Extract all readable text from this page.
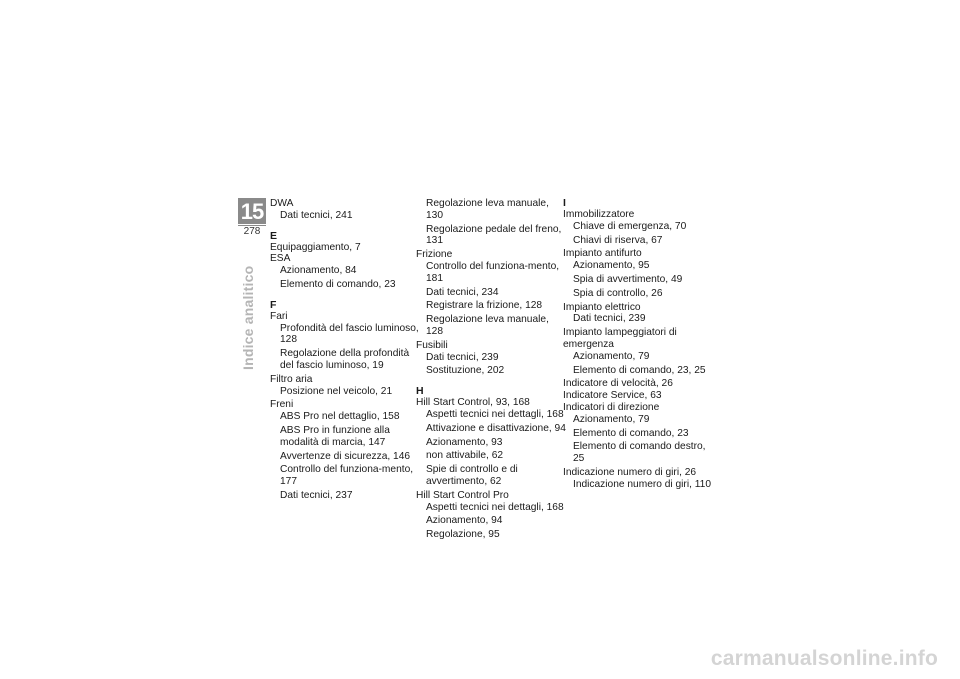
15
278
Indice analitico
DWA
Dati tecnici, 241
E
Equipaggiamento, 7
ESA
Azionamento, 84
Elemento di comando, 23
F
Fari
Profondità del fascio luminoso, 128
Regolazione della profondità del fascio luminoso, 19
Filtro aria
Posizione nel veicolo, 21
Freni
ABS Pro nel dettaglio, 158
ABS Pro in funzione alla modalità di marcia, 147
Avvertenze di sicurezza, 146
Controllo del funziona-mento, 177
Dati tecnici, 237
Regolazione leva manuale, 130
Regolazione pedale del freno, 131
Frizione
Controllo del funziona-mento, 181
Dati tecnici, 234
Registrare la frizione, 128
Regolazione leva manuale, 128
Fusibili
Dati tecnici, 239
Sostituzione, 202
H
Hill Start Control, 93, 168
Aspetti tecnici nei dettagli, 168
Attivazione e disattivazione, 94
Azionamento, 93
non attivabile, 62
Spie di controllo e di avvertimento, 62
Hill Start Control Pro
Aspetti tecnici nei dettagli, 168
Azionamento, 94
Regolazione, 95
I
Immobilizzatore
Chiave di emergenza, 70
Chiavi di riserva, 67
Impianto antifurto
Azionamento, 95
Spia di avvertimento, 49
Spia di controllo, 26
Impianto elettrico
Dati tecnici, 239
Impianto lampeggiatori di emergenza
Azionamento, 79
Elemento di comando, 23, 25
Indicatore di velocità, 26
Indicatore Service, 63
Indicatori di direzione
Azionamento, 79
Elemento di comando, 23
Elemento di comando destro, 25
Indicazione numero di giri, 26
Indicazione numero di giri, 110
carmanualsonline.info
